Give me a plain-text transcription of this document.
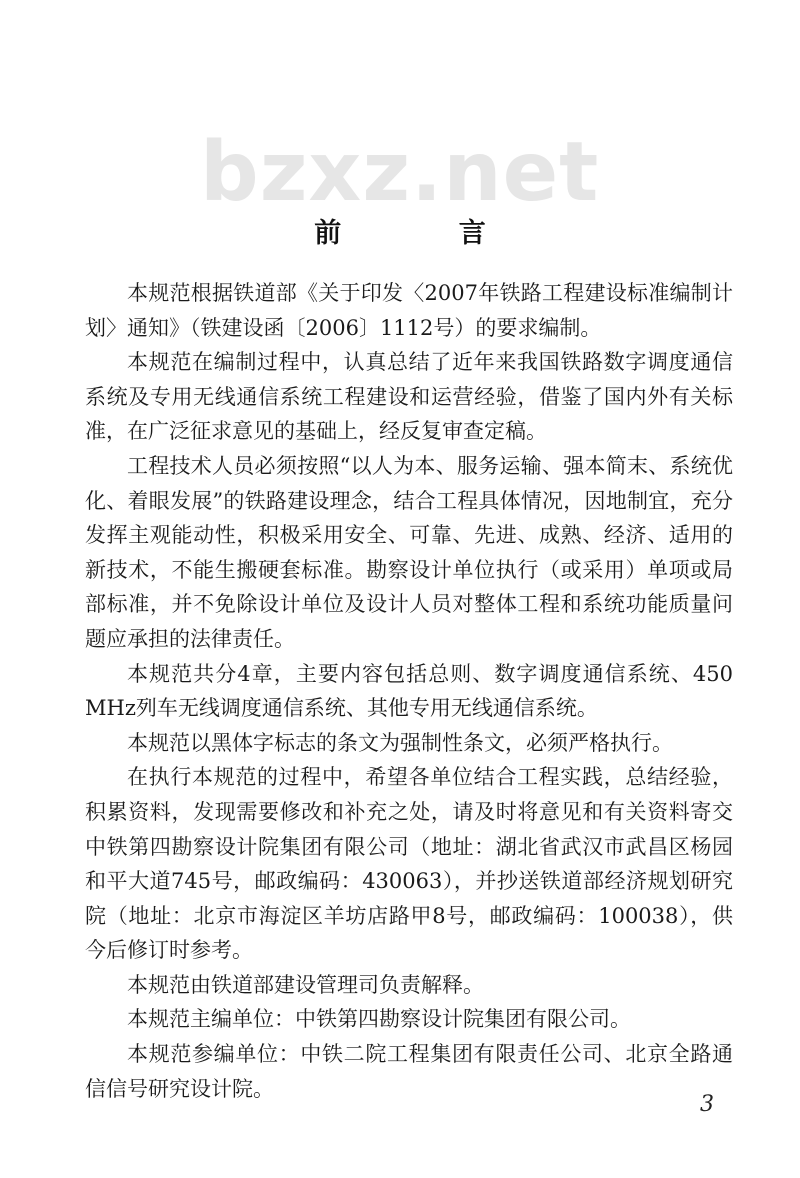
bzxz.net
前 言

本规范根据铁道部《关于印发〈2007年铁路工程建设标准编制计划〉通知》（铁建设函〔2006〕1112号）的要求编制。

本规范在编制过程中，认真总结了近年来我国铁路数字调度通信系统及专用无线通信系统工程建设和运营经验，借鉴了国内外有关标准，在广泛征求意见的基础上，经反复审查定稿。

工程技术人员必须按照“以人为本、服务运输、强本简末、系统优化、着眼发展”的铁路建设理念，结合工程具体情况，因地制宜，充分发挥主观能动性，积极采用安全、可靠、先进、成熟、经济、适用的新技术，不能生搬硬套标准。勘察设计单位执行（或采用）单项或局部标准，并不免除设计单位及设计人员对整体工程和系统功能质量问题应承担的法律责任。

本规范共分4章，主要内容包括总则、数字调度通信系统、450 MHz列车无线调度通信系统、其他专用无线通信系统。

本规范以黑体字标志的条文为强制性条文，必须严格执行。

在执行本规范的过程中，希望各单位结合工程实践，总结经验，积累资料，发现需要修改和补充之处，请及时将意见和有关资料寄交中铁第四勘察设计院集团有限公司（地址：湖北省武汉市武昌区杨园和平大道745号，邮政编码：430063），并抄送铁道部经济规划研究院（地址：北京市海淀区羊坊店路甲8号，邮政编码：100038），供今后修订时参考。

本规范由铁道部建设管理司负责解释。

本规范主编单位：中铁第四勘察设计院集团有限公司。

本规范参编单位：中铁二院工程集团有限责任公司、北京全路通信信号研究设计院。

3
